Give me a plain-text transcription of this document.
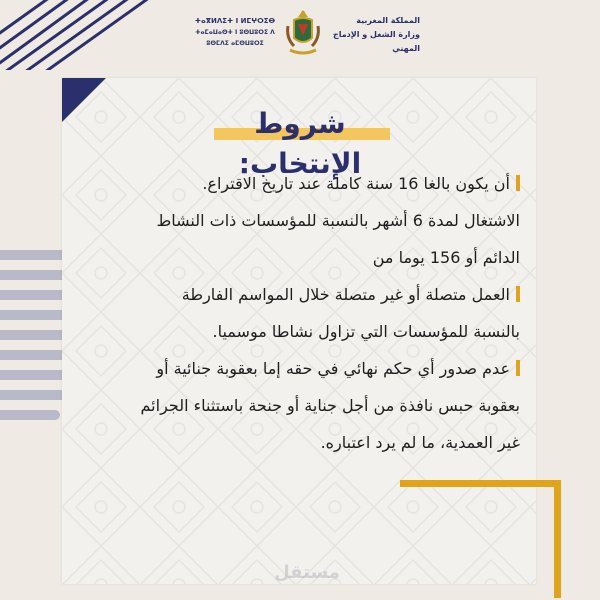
ⵜⴰⴳⵍⴷⵉⵜ ⵏ ⵍⵎⵖⵔⵉⴱ
ⵜⴰⵎⴰⵡⴰⵙⵜ ⵏ ⵓⵙⵡⵓⵔⵉ ⴷ ⵓⵙⵎⴷⵉ ⴰⵎⵙⵡⵓⵔⵉ
المملكة المغربية
وزارة الشغل و الإدماج المهني
شروط الإنتخاب:
أن يكون بالغا 16 سنة كاملة عند تاريخ الاقتراع.
الاشتغال لمدة 6 أشهر بالنسبة للمؤسسات ذات النشاط
الدائم أو 156 يوما من
العمل متصلة أو غير متصلة خلال المواسم الفارطة
بالنسبة للمؤسسات التي تزاول نشاطا موسميا.
عدم صدور أي حكم نهائي في حقه إما بعقوبة جنائية أو
بعقوبة حبس نافذة من أجل جناية أو جنحة باستثناء الجرائم
غير العمدية، ما لم يرد اعتباره.
مستقل
